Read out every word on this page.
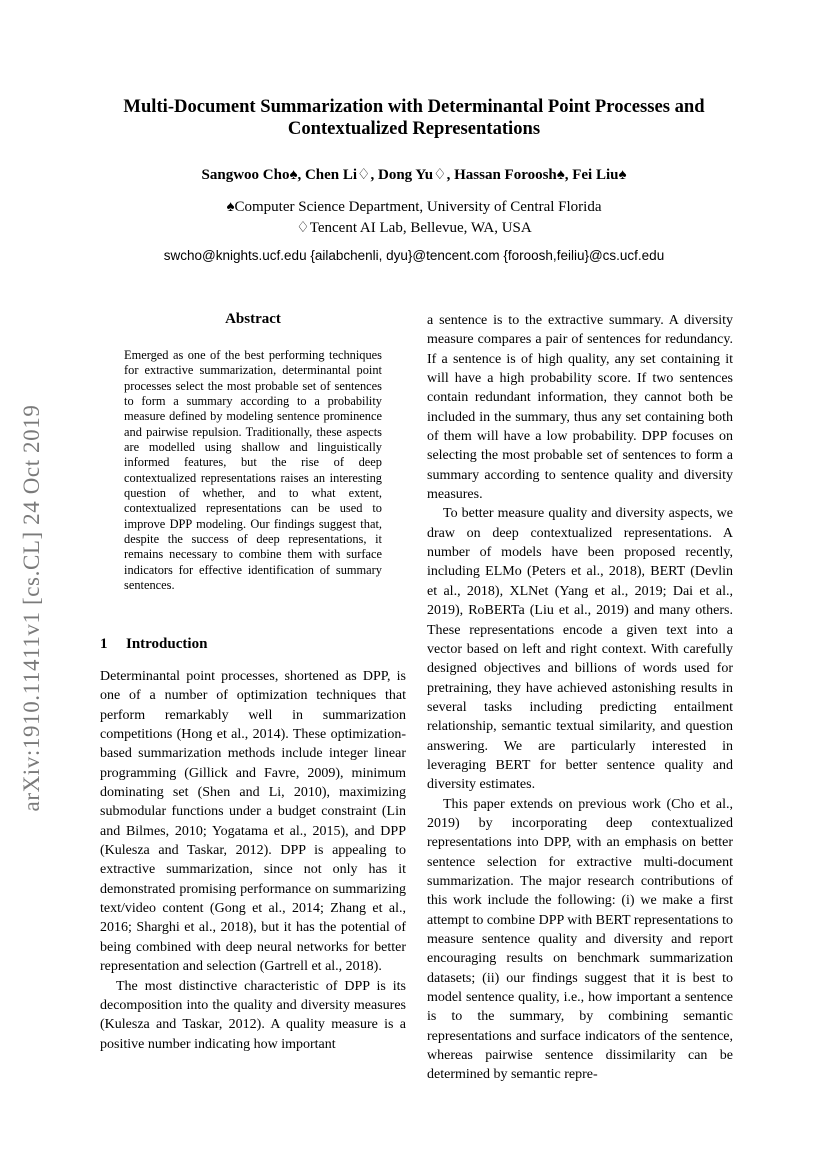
arXiv:1910.11411v1 [cs.CL] 24 Oct 2019
Multi-Document Summarization with Determinantal Point Processes and
Contextualized Representations
Sangwoo Cho♠, Chen Li♢, Dong Yu♢, Hassan Foroosh♠, Fei Liu♠
♠Computer Science Department, University of Central Florida
♢Tencent AI Lab, Bellevue, WA, USA
swcho@knights.ucf.edu {ailabchenli, dyu}@tencent.com {foroosh,feiliu}@cs.ucf.edu
Abstract
Emerged as one of the best performing techniques for extractive summarization, determinantal point processes select the most probable set of sentences to form a summary according to a probability measure defined by modeling sentence prominence and pairwise repulsion. Traditionally, these aspects are modelled using shallow and linguistically informed features, but the rise of deep contextualized representations raises an interesting question of whether, and to what extent, contextualized representations can be used to improve DPP modeling. Our findings suggest that, despite the success of deep representations, it remains necessary to combine them with surface indicators for effective identification of summary sentences.
1 Introduction

Determinantal point processes, shortened as DPP, is one of a number of optimization techniques that perform remarkably well in summarization competitions (Hong et al., 2014). These optimization-based summarization methods include integer linear programming (Gillick and Favre, 2009), minimum dominating set (Shen and Li, 2010), maximizing submodular functions under a budget constraint (Lin and Bilmes, 2010; Yogatama et al., 2015), and DPP (Kulesza and Taskar, 2012). DPP is appealing to extractive summarization, since not only has it demonstrated promising performance on summarizing text/video content (Gong et al., 2014; Zhang et al., 2016; Sharghi et al., 2018), but it has the potential of being combined with deep neural networks for better representation and selection (Gartrell et al., 2018).

The most distinctive characteristic of DPP is its decomposition into the quality and diversity measures (Kulesza and Taskar, 2012). A quality measure is a positive number indicating how important

a sentence is to the extractive summary. A diversity measure compares a pair of sentences for redundancy. If a sentence is of high quality, any set containing it will have a high probability score. If two sentences contain redundant information, they cannot both be included in the summary, thus any set containing both of them will have a low probability. DPP focuses on selecting the most probable set of sentences to form a summary according to sentence quality and diversity measures.

To better measure quality and diversity aspects, we draw on deep contextualized representations. A number of models have been proposed recently, including ELMo (Peters et al., 2018), BERT (Devlin et al., 2018), XLNet (Yang et al., 2019; Dai et al., 2019), RoBERTa (Liu et al., 2019) and many others. These representations encode a given text into a vector based on left and right context. With carefully designed objectives and billions of words used for pretraining, they have achieved astonishing results in several tasks including predicting entailment relationship, semantic textual similarity, and question answering. We are particularly interested in leveraging BERT for better sentence quality and diversity estimates.

This paper extends on previous work (Cho et al., 2019) by incorporating deep contextualized representations into DPP, with an emphasis on better sentence selection for extractive multi-document summarization. The major research contributions of this work include the following: (i) we make a first attempt to combine DPP with BERT representations to measure sentence quality and diversity and report encouraging results on benchmark summarization datasets; (ii) our findings suggest that it is best to model sentence quality, i.e., how important a sentence is to the summary, by combining semantic representations and surface indicators of the sentence, whereas pairwise sentence dissimilarity can be determined by semantic repre-
